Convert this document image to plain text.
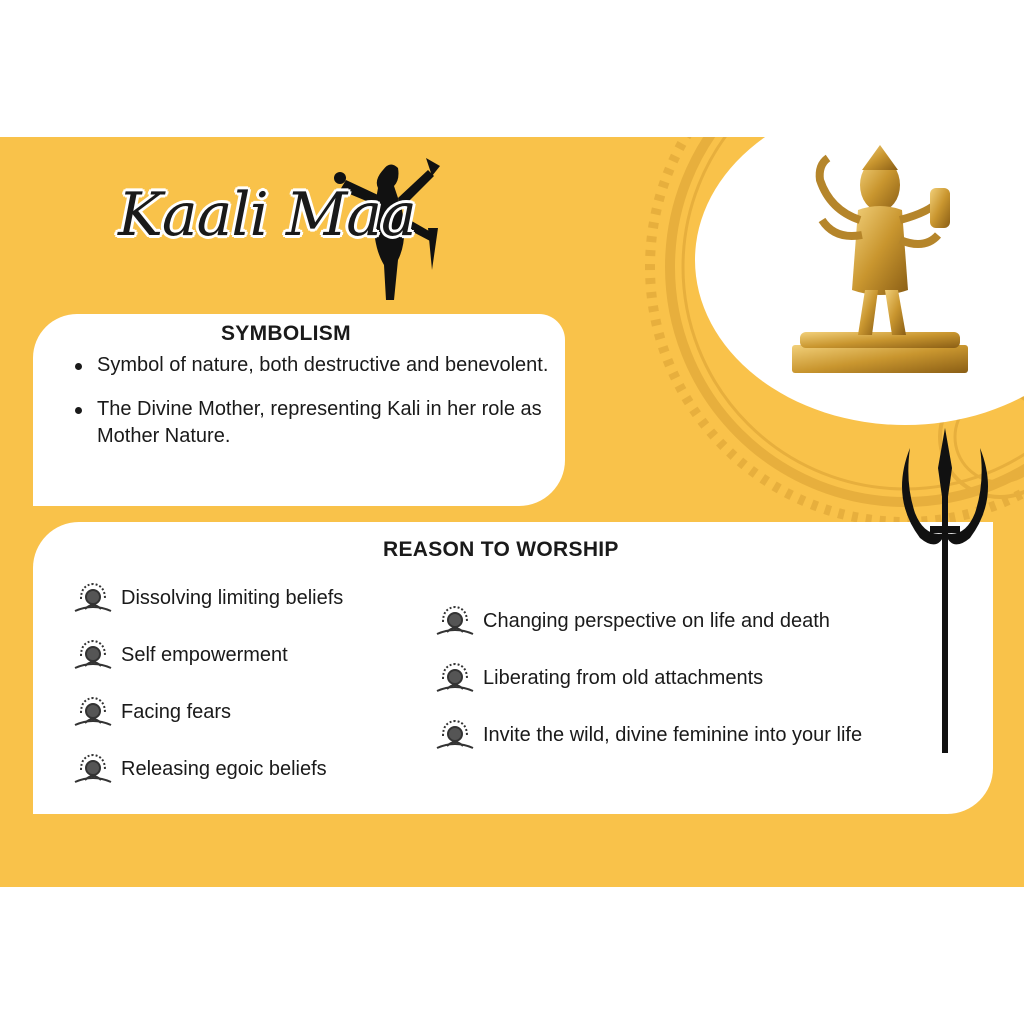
Kaali Maa
SYMBOLISM
Symbol of nature, both destructive and benevolent.
The Divine Mother, representing Kali in her role as Mother Nature.
REASON TO WORSHIP
Dissolving limiting beliefs
Self empowerment
Facing fears
Releasing egoic beliefs
Changing perspective on life and death
Liberating from old attachments
Invite the wild, divine feminine into your life
